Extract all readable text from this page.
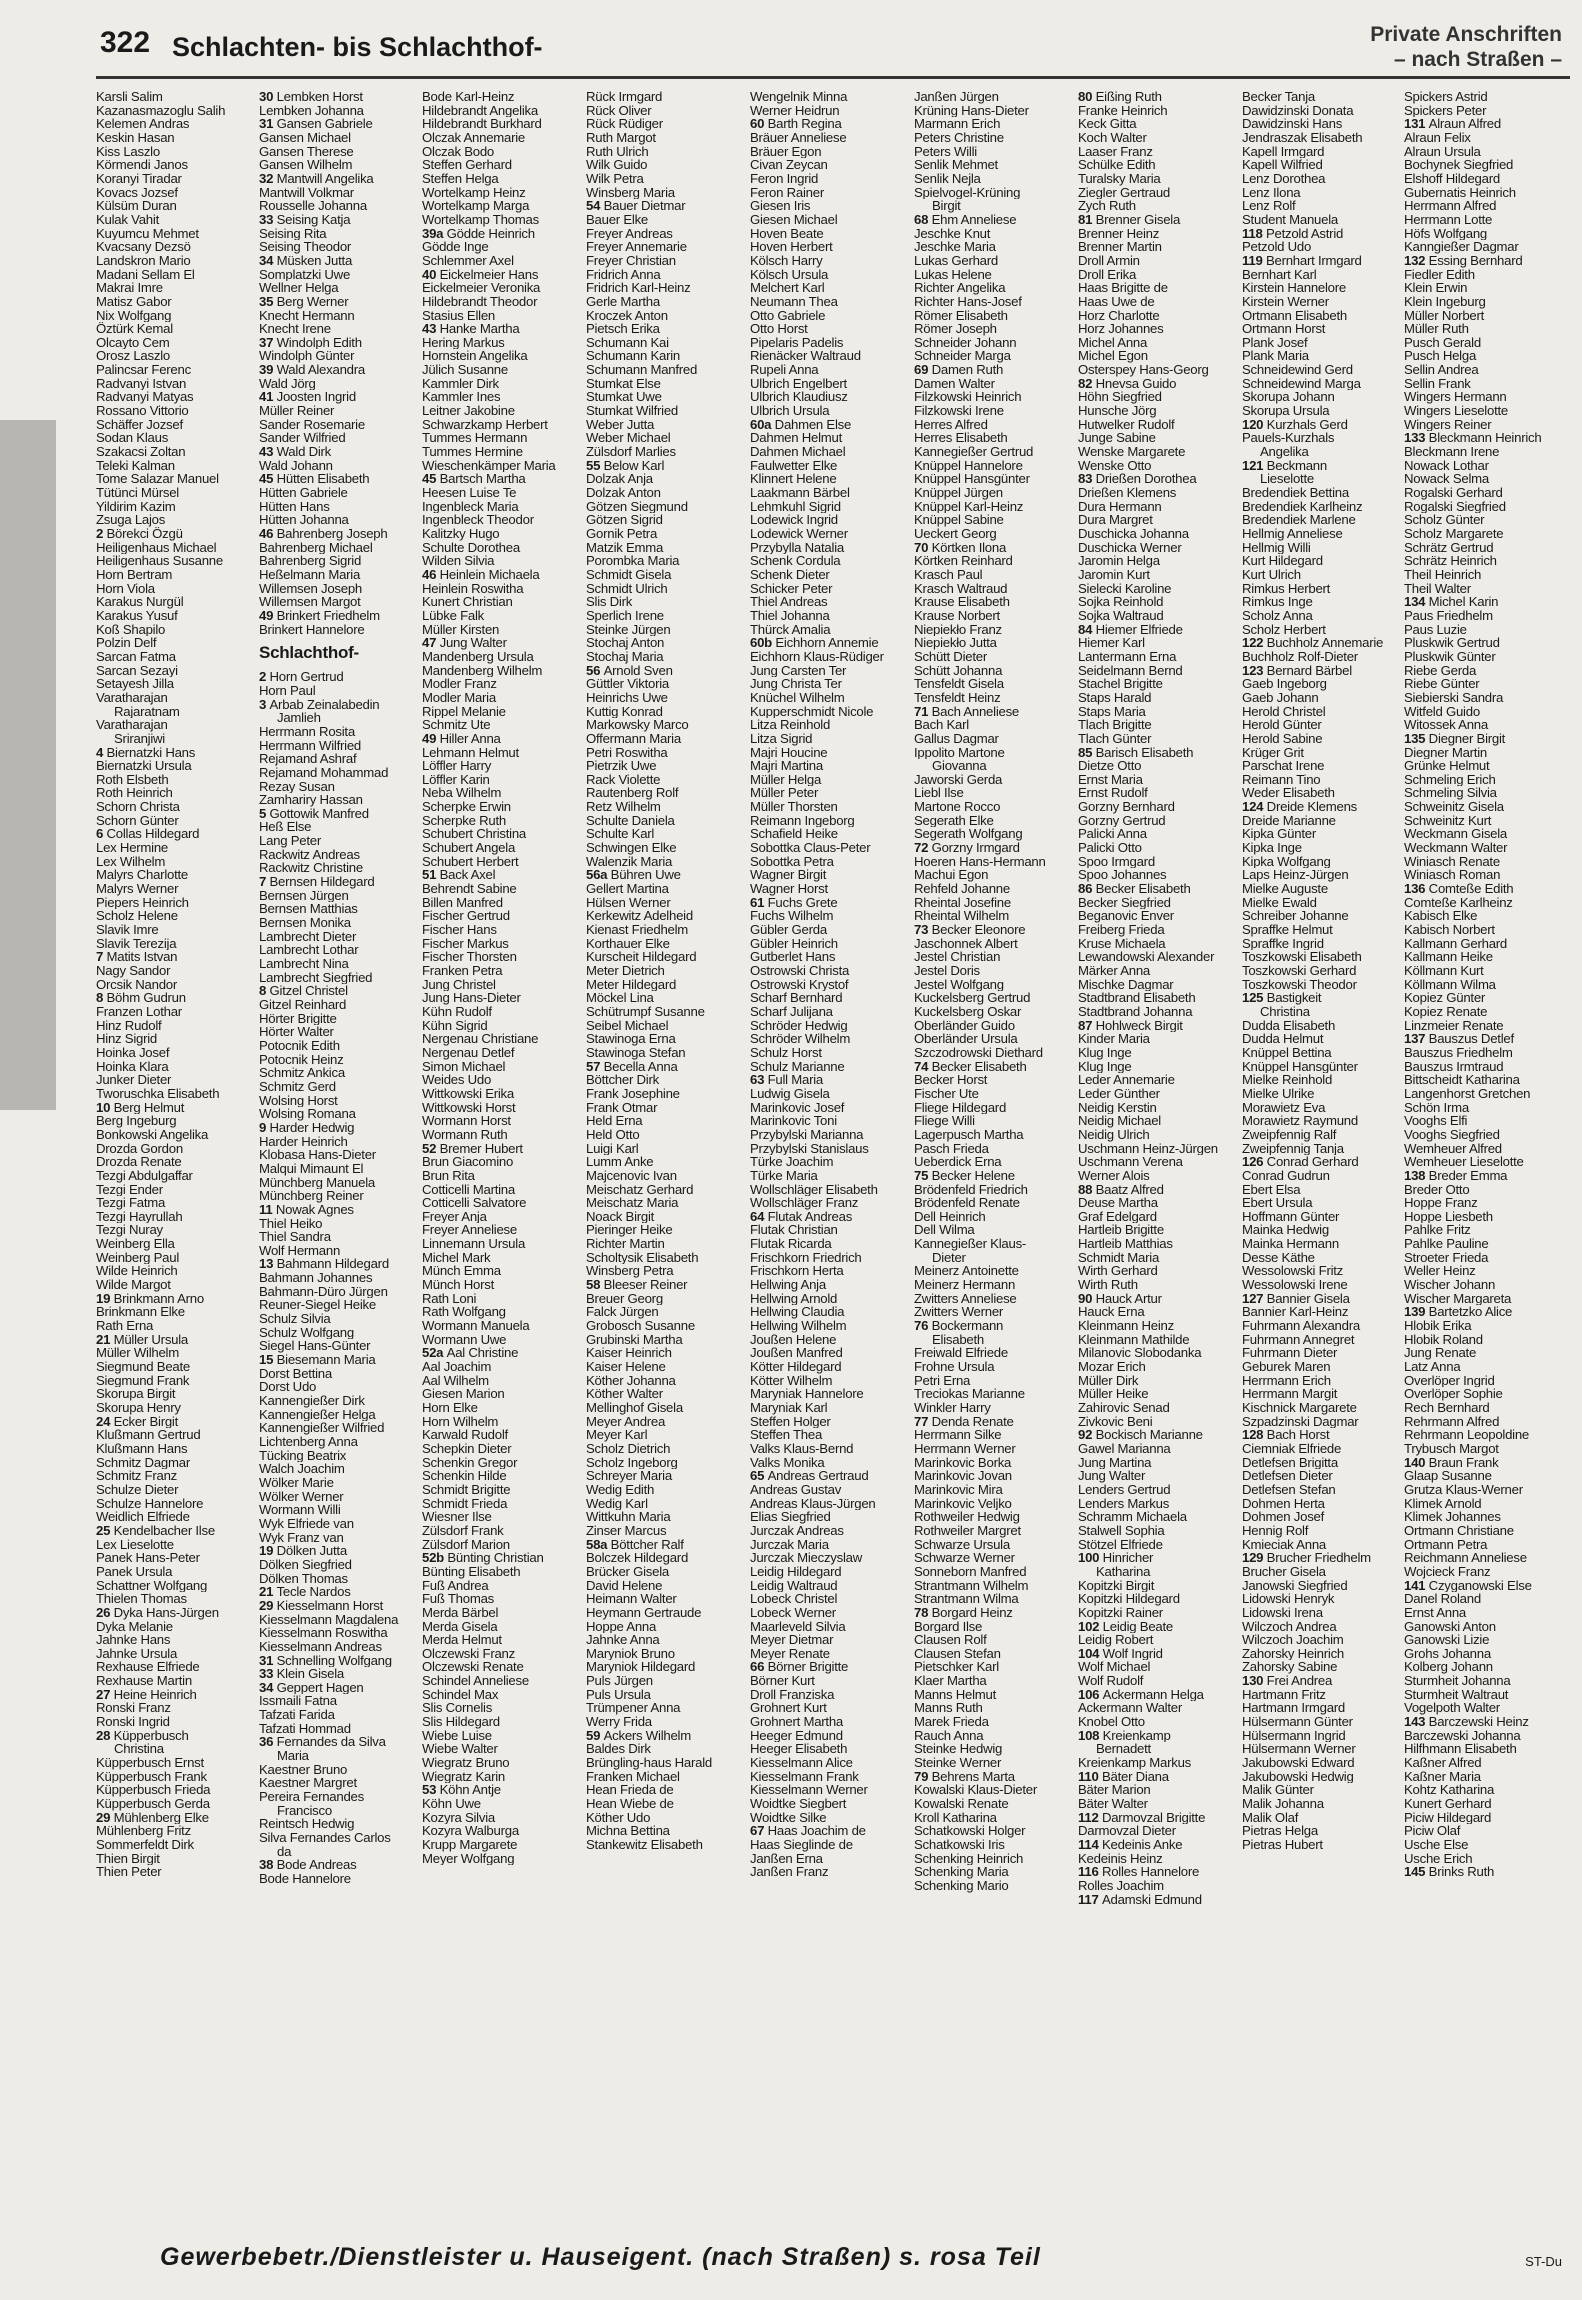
322 Schlachten- bis Schlachthof-	Private Anschriften
– nach Straßen –
Karsli Salim
Kazanasmazoglu Salih
Kelemen Andras
Keskin Hasan
Kiss Laszlo
Körmendi Janos
Koranyi Tiradar
Kovacs Jozsef
Külsüm Duran
Kulak Vahit
Kuyumcu Mehmet
Kvacsany Dezsö
Landskron Mario
Madani Sellam El
Makrai Imre
Matisz Gabor
Nix Wolfgang
Öztürk Kemal
Olcayto Cem
Orosz Laszlo
Palincsar Ferenc
Radvanyi Istvan
Radvanyi Matyas
Rossano Vittorio
Schäffer Jozsef
Sodan Klaus
Szakacsi Zoltan
Teleki Kalman
Tome Salazar Manuel
Tütünci Mürsel
Yildirim Kazim
Zsuga Lajos
2 Börekci Özgü
Heiligenhaus Michael
Heiligenhaus Susanne
Horn Bertram
Horn Viola
Karakus Nurgül
Karakus Yusuf
Koß Shapilo
Polzin Delf
Sarcan Fatma
Sarcan Sezayi
Setayesh Jilla
Varatharajan
Rajaratnam
Varatharajan
Sriranjiwi
4 Biernatzki Hans
Biernatzki Ursula
Roth Elsbeth
Roth Heinrich
Schorn Christa
Schorn Günter
6 Collas Hildegard
Lex Hermine
Lex Wilhelm
Malyrs Charlotte
Malyrs Werner
Piepers Heinrich
Scholz Helene
Slavik Imre
Slavik Terezija
7 Matits Istvan
Nagy Sandor
Orcsik Nandor
8 Böhm Gudrun
Franzen Lothar
Hinz Rudolf
Hinz Sigrid
Hoinka Josef
Hoinka Klara
Junker Dieter
Tworuschka Elisabeth
10 Berg Helmut
Berg Ingeburg
Bonkowski Angelika
Drozda Gordon
Drozda Renate
Tezgi Abdulgaffar
Tezgi Ender
Tezgi Fatma
Tezgi Hayrullah
Tezgi Nuray
Weinberg Ella
Weinberg Paul
Wilde Heinrich
Wilde Margot
19 Brinkmann Arno
Brinkmann Elke
Rath Erna
21 Müller Ursula
Müller Wilhelm
Siegmund Beate
Siegmund Frank
Skorupa Birgit
Skorupa Henry
24 Ecker Birgit
Klußmann Gertrud
Klußmann Hans
Schmitz Dagmar
Schmitz Franz
Schulze Dieter
Schulze Hannelore
Weidlich Elfriede
25 Kendelbacher Ilse
Lex Lieselotte
Panek Hans-Peter
Panek Ursula
Schattner Wolfgang
Thielen Thomas
26 Dyka Hans-Jürgen
Dyka Melanie
Jahnke Hans
Jahnke Ursula
Rexhause Elfriede
Rexhause Martin
27 Heine Heinrich
Ronski Franz
Ronski Ingrid
28 Küpperbusch
Christina
Küpperbusch Ernst
Küpperbusch Frank
Küpperbusch Frieda
Küpperbusch Gerda
29 Mühlenberg Elke
Mühlenberg Fritz
Sommerfeldt Dirk
Thien Birgit
Thien Peter
30 Lembken Horst
Lembken Johanna
31 Gansen Gabriele
Gansen Michael
Gansen Therese
Gansen Wilhelm
32 Mantwill Angelika
Mantwill Volkmar
Rousselle Johanna
33 Seising Katja
Seising Rita
Seising Theodor
34 Müsken Jutta
Somplatzki Uwe
Wellner Helga
35 Berg Werner
Knecht Hermann
Knecht Irene
37 Windolph Edith
Windolph Günter
39 Wald Alexandra
Wald Jörg
41 Joosten Ingrid
Müller Reiner
Sander Rosemarie
Sander Wilfried
43 Wald Dirk
Wald Johann
45 Hütten Elisabeth
Hütten Gabriele
Hütten Hans
Hütten Johanna
46 Bahrenberg Joseph
Bahrenberg Michael
Bahrenberg Sigrid
Heßelmann Maria
Willemsen Joseph
Willemsen Margot
49 Brinkert Friedhelm
Brinkert Hannelore
Schlachthof-
2 Horn Gertrud
Horn Paul
3 Arbab Zeinalabedin
Jamlieh
Herrmann Rosita
Herrmann Wilfried
Rejamand Ashraf
Rejamand Mohammad
Rezay Susan
Zamhariry Hassan
5 Gottowik Manfred
Heß Else
Lang Peter
Rackwitz Andreas
Rackwitz Christine
7 Bernsen Hildegard
Bernsen Jürgen
Bernsen Matthias
Bernsen Monika
Lambrecht Dieter
Lambrecht Lothar
Lambrecht Nina
Lambrecht Siegfried
8 Gitzel Christel
Gitzel Reinhard
Hörter Brigitte
Hörter Walter
Potocnik Edith
Potocnik Heinz
Schmitz Ankica
Schmitz Gerd
Wolsing Horst
Wolsing Romana
9 Harder Hedwig
Harder Heinrich
Klobasa Hans-Dieter
Malqui Mimaunt El
Münchberg Manuela
Münchberg Reiner
11 Nowak Agnes
Thiel Heiko
Thiel Sandra
Wolf Hermann
13 Bahmann Hildegard
Bahmann Johannes
Bahmann-Düro Jürgen
Reuner-Siegel Heike
Schulz Silvia
Schulz Wolfgang
Siegel Hans-Günter
15 Biesemann Maria
Dorst Bettina
Dorst Udo
Kannengießer Dirk
Kannengießer Helga
Kannengießer Wilfried
Lichtenberg Anna
Tücking Beatrix
Walch Joachim
Wölker Marie
Wölker Werner
Wormann Willi
Wyk Elfriede van
Wyk Franz van
19 Dölken Jutta
Dölken Siegfried
Dölken Thomas
21 Tecle Nardos
29 Kiesselmann Horst
Kiesselmann Magdalena
Kiesselmann Roswitha
Kiesselmann Andreas
31 Schnelling Wolfgang
33 Klein Gisela
34 Geppert Hagen
Issmaili Fatna
Tafzati Farida
Tafzati Hommad
36 Fernandes da Silva
Maria
Kaestner Bruno
Kaestner Margret
Pereira Fernandes
Francisco
Reintsch Hedwig
Silva Fernandes Carlos
da
38 Bode Andreas
Bode Hannelore
Bode Karl-Heinz
Hildebrandt Angelika
Hildebrandt Burkhard
Olczak Annemarie
Olczak Bodo
Steffen Gerhard
Steffen Helga
Wortelkamp Heinz
Wortelkamp Marga
Wortelkamp Thomas
39a Gödde Heinrich
Gödde Inge
Schlemmer Axel
40 Eickelmeier Hans
Eickelmeier Veronika
Hildebrandt Theodor
Stasius Ellen
43 Hanke Martha
Hering Markus
Hornstein Angelika
Jülich Susanne
Kammler Dirk
Kammler Ines
Leitner Jakobine
Schwarzkamp Herbert
Tummes Hermann
Tummes Hermine
Wieschenkämper Maria
45 Bartsch Martha
Heesen Luise Te
Ingenbleck Maria
Ingenbleck Theodor
Kalitzky Hugo
Schulte Dorothea
Wilden Silvia
46 Heinlein Michaela
Heinlein Roswitha
Kunert Christian
Lübke Falk
Müller Kirsten
47 Jung Walter
Mandenberg Ursula
Mandenberg Wilhelm
Modler Franz
Modler Maria
Rippel Melanie
Schmitz Ute
49 Hiller Anna
Lehmann Helmut
Löffler Harry
Löffler Karin
Neba Wilhelm
Scherpke Erwin
Scherpke Ruth
Schubert Christina
Schubert Angela
Schubert Herbert
51 Back Axel
Behrendt Sabine
Billen Manfred
Fischer Gertrud
Fischer Hans
Fischer Markus
Fischer Thorsten
Franken Petra
Jung Christel
Jung Hans-Dieter
Kühn Rudolf
Kühn Sigrid
Nergenau Christiane
Nergenau Detlef
Simon Michael
Weides Udo
Wittkowski Erika
Wittkowski Horst
Wormann Horst
Wormann Ruth
52 Bremer Hubert
Brun Giacomino
Brun Rita
Cotticelli Martina
Cotticelli Salvatore
Freyer Anja
Freyer Anneliese
Linnemann Ursula
Michel Mark
Münch Emma
Münch Horst
Rath Loni
Rath Wolfgang
Wormann Manuela
Wormann Uwe
52a Aal Christine
Aal Joachim
Aal Wilhelm
Giesen Marion
Horn Elke
Horn Wilhelm
Karwald Rudolf
Schepkin Dieter
Schenkin Gregor
Schenkin Hilde
Schmidt Brigitte
Schmidt Frieda
Wiesner Ilse
Zülsdorf Frank
Zülsdorf Marion
52b Bünting Christian
Bünting Elisabeth
Fuß Andrea
Fuß Thomas
Merda Bärbel
Merda Gisela
Merda Helmut
Olczewski Franz
Olczewski Renate
Schindel Anneliese
Schindel Max
Slis Cornelis
Slis Hildegard
Wiebe Luise
Wiebe Walter
Wiegratz Bruno
Wiegratz Karin
53 Köhn Antje
Köhn Uwe
Kozyra Silvia
Kozyra Walburga
Krupp Margarete
Meyer Wolfgang
Rück Irmgard
Rück Oliver
Rück Rüdiger
Ruth Margot
Ruth Ulrich
Wilk Guido
Wilk Petra
Winsberg Maria
54 Bauer Dietmar
Bauer Elke
Freyer Andreas
Freyer Annemarie
Freyer Christian
Fridrich Anna
Fridrich Karl-Heinz
Gerle Martha
Kroczek Anton
Pietsch Erika
Schumann Kai
Schumann Karin
Schumann Manfred
Stumkat Else
Stumkat Uwe
Stumkat Wilfried
Weber Jutta
Weber Michael
Zülsdorf Marlies
55 Below Karl
Dolzak Anja
Dolzak Anton
Götzen Siegmund
Götzen Sigrid
Gornik Petra
Matzik Emma
Porombka Maria
Schmidt Gisela
Schmidt Ulrich
Slis Dirk
Sperlich Irene
Steinke Jürgen
Stochaj Anton
Stochaj Maria
56 Arnold Sven
Güttler Viktoria
Heinrichs Uwe
Kuttig Konrad
Markowsky Marco
Offermann Maria
Petri Roswitha
Pietrzik Uwe
Rack Violette
Rautenberg Rolf
Retz Wilhelm
Schulte Daniela
Schulte Karl
Schwingen Elke
Walenzik Maria
56a Bühren Uwe
Gellert Martina
Hülsen Werner
Kerkewitz Adelheid
Kienast Friedhelm
Korthauer Elke
Kurscheit Hildegard
Meter Dietrich
Meter Hildegard
Möckel Lina
Schütrumpf Susanne
Seibel Michael
Stawinoga Erna
Stawinoga Stefan
57 Becella Anna
Böttcher Dirk
Frank Josephine
Frank Otmar
Held Erna
Held Otto
Luigi Karl
Lumm Anke
Majcenovic Ivan
Meischatz Gerhard
Meischatz Maria
Noack Birgit
Pieringer Heike
Richter Martin
Scholtysik Elisabeth
Winsberg Petra
58 Bleeser Reiner
Breuer Georg
Falck Jürgen
Grobosch Susanne
Grubinski Martha
Kaiser Heinrich
Kaiser Helene
Köther Johanna
Köther Walter
Mellinghof Gisela
Meyer Andrea
Meyer Karl
Scholz Dietrich
Scholz Ingeborg
Schreyer Maria
Wedig Edith
Wedig Karl
Wittkuhn Maria
Zinser Marcus
58a Böttcher Ralf
Bolczek Hildegard
Brücker Gisela
David Helene
Heimann Walter
Heymann Gertraude
Hoppe Anna
Jahnke Anna
Maryniok Bruno
Maryniok Hildegard
Puls Jürgen
Puls Ursula
Trümpener Anna
Werry Frida
59 Ackers Wilhelm
Baldes Dirk
Brüngling-haus Harald
Franken Michael
Hean Frieda de
Hean Wiebe de
Köther Udo
Michna Bettina
Stankewitz Elisabeth
Wengelnik Minna
Werner Heidrun
60 Barth Regina
Bräuer Anneliese
Bräuer Egon
Civan Zeycan
Feron Ingrid
Feron Rainer
Giesen Iris
Giesen Michael
Hoven Beate
Hoven Herbert
Kölsch Harry
Kölsch Ursula
Melchert Karl
Neumann Thea
Otto Gabriele
Otto Horst
Pipelaris Padelis
Rienäcker Waltraud
Rupeli Anna
Ulbrich Engelbert
Ulbrich Klaudiusz
Ulbrich Ursula
60a Dahmen Else
Dahmen Helmut
Dahmen Michael
Faulwetter Elke
Klinnert Helene
Laakmann Bärbel
Lehmkuhl Sigrid
Lodewick Ingrid
Lodewick Werner
Przybylla Natalia
Schenk Cordula
Schenk Dieter
Schicker Peter
Thiel Andreas
Thiel Johanna
Thürck Amalia
60b Eichhorn Annemie
Eichhorn Klaus-Rüdiger
Jung Carsten Ter
Jung Christa Ter
Knüchel Wilhelm
Kupperschmidt Nicole
Litza Reinhold
Litza Sigrid
Majri Houcine
Majri Martina
Müller Helga
Müller Peter
Müller Thorsten
Reimann Ingeborg
Schafield Heike
Sobottka Claus-Peter
Sobottka Petra
Wagner Birgit
Wagner Horst
61 Fuchs Grete
Fuchs Wilhelm
Gübler Gerda
Gübler Heinrich
Gutberlet Hans
Ostrowski Christa
Ostrowski Krystof
Scharf Bernhard
Scharf Julijana
Schröder Hedwig
Schröder Wilhelm
Schulz Horst
Schulz Marianne
63 Full Maria
Ludwig Gisela
Marinkovic Josef
Marinkovic Toni
Przybylski Marianna
Przybylski Stanislaus
Türke Joachim
Türke Maria
Wollschläger Elisabeth
Wollschläger Franz
64 Flutak Andreas
Flutak Christian
Flutak Ricarda
Frischkorn Friedrich
Frischkorn Herta
Hellwing Anja
Hellwing Arnold
Hellwing Claudia
Hellwing Wilhelm
Joußen Helene
Joußen Manfred
Kötter Hildegard
Kötter Wilhelm
Maryniak Hannelore
Maryniak Karl
Steffen Holger
Steffen Thea
Valks Klaus-Bernd
Valks Monika
65 Andreas Gertraud
Andreas Gustav
Andreas Klaus-Jürgen
Elias Siegfried
Jurczak Andreas
Jurczak Maria
Jurczak Mieczyslaw
Leidig Hildegard
Leidig Waltraud
Lobeck Christel
Lobeck Werner
Maarleveld Silvia
Meyer Dietmar
Meyer Renate
66 Börner Brigitte
Börner Kurt
Droll Franziska
Grohnert Kurt
Grohnert Martha
Heeger Edmund
Heeger Elisabeth
Kiesselmann Alice
Kiesselmann Frank
Kiesselmann Werner
Woidtke Siegbert
Woidtke Silke
67 Haas Joachim de
Haas Sieglinde de
Janßen Erna
Janßen Franz
Janßen Jürgen
Krüning Hans-Dieter
Marmann Erich
Peters Christine
Peters Willi
Senlik Mehmet
Senlik Nejla
Spielvogel-Krüning
Birgit
68 Ehm Anneliese
Jeschke Knut
Jeschke Maria
Lukas Gerhard
Lukas Helene
Richter Angelika
Richter Hans-Josef
Römer Elisabeth
Römer Joseph
Schneider Johann
Schneider Marga
69 Damen Ruth
Damen Walter
Filzkowski Heinrich
Filzkowski Irene
Herres Alfred
Herres Elisabeth
Kannegießer Gertrud
Knüppel Hannelore
Knüppel Hansgünter
Knüppel Jürgen
Knüppel Karl-Heinz
Knüppel Sabine
Ueckert Georg
70 Körtken Ilona
Körtken Reinhard
Krasch Paul
Krasch Waltraud
Krause Elisabeth
Krause Norbert
Niepiekło Franz
Niepiekło Jutta
Schütt Dieter
Schütt Johanna
Tensfeldt Gisela
Tensfeldt Heinz
71 Bach Anneliese
Bach Karl
Gallus Dagmar
Ippolito Martone
Giovanna
Jaworski Gerda
Liebl Ilse
Martone Rocco
Segerath Elke
Segerath Wolfgang
72 Gorzny Irmgard
Hoeren Hans-Hermann
Machui Egon
Rehfeld Johanne
Rheintal Josefine
Rheintal Wilhelm
73 Becker Eleonore
Jaschonnek Albert
Jestel Christian
Jestel Doris
Jestel Wolfgang
Kuckelsberg Gertrud
Kuckelsberg Oskar
Oberländer Guido
Oberländer Ursula
Szczodrowski Diethard
74 Becker Elisabeth
Becker Horst
Fischer Ute
Fliege Hildegard
Fliege Willi
Lagerpusch Martha
Pasch Frieda
Ueberdick Erna
75 Becker Helene
Brödenfeld Friedrich
Brödenfeld Renate
Dell Heinrich
Dell Wilma
Kannegießer Klaus-
Dieter
Meinerz Antoinette
Meinerz Hermann
Zwitters Anneliese
Zwitters Werner
76 Bockermann
Elisabeth
Freiwald Elfriede
Frohne Ursula
Petri Erna
Treciokas Marianne
Winkler Harry
77 Denda Renate
Herrmann Silke
Herrmann Werner
Marinkovic Borka
Marinkovic Jovan
Marinkovic Mira
Marinkovic Veljko
Rothweiler Hedwig
Rothweiler Margret
Schwarze Ursula
Schwarze Werner
Sonneborn Manfred
Strantmann Wilhelm
Strantmann Wilma
78 Borgard Heinz
Borgard Ilse
Clausen Rolf
Clausen Stefan
Pietschker Karl
Klaer Martha
Manns Helmut
Manns Ruth
Marek Frieda
Rauch Anna
Steinke Hedwig
Steinke Werner
79 Behrens Marta
Kowalski Klaus-Dieter
Kowalski Renate
Kroll Katharina
Schatkowski Holger
Schatkowski Iris
Schenking Heinrich
Schenking Maria
Schenking Mario
80 Eißing Ruth
Franke Heinrich
Keck Gitta
Koch Walter
Laaser Franz
Schülke Edith
Turalsky Maria
Ziegler Gertraud
Zych Ruth
81 Brenner Gisela
Brenner Heinz
Brenner Martin
Droll Armin
Droll Erika
Haas Brigitte de
Haas Uwe de
Horz Charlotte
Horz Johannes
Michel Anna
Michel Egon
Osterspey Hans-Georg
82 Hnevsa Guido
Höhn Siegfried
Hunsche Jörg
Hutwelker Rudolf
Junge Sabine
Wenske Margarete
Wenske Otto
83 Drießen Dorothea
Drießen Klemens
Dura Hermann
Dura Margret
Duschicka Johanna
Duschicka Werner
Jaromin Helga
Jaromin Kurt
Sielecki Karoline
Sojka Reinhold
Sojka Waltraud
84 Hiemer Elfriede
Hiemer Karl
Lantermann Erna
Seidelmann Bernd
Stachel Brigitte
Staps Harald
Staps Maria
Tlach Brigitte
Tlach Günter
85 Barisch Elisabeth
Dietze Otto
Ernst Maria
Ernst Rudolf
Gorzny Bernhard
Gorzny Gertrud
Palicki Anna
Palicki Otto
Spoo Irmgard
Spoo Johannes
86 Becker Elisabeth
Becker Siegfried
Beganovic Enver
Freiberg Frieda
Kruse Michaela
Lewandowski Alexander
Märker Anna
Mischke Dagmar
Stadtbrand Elisabeth
Stadtbrand Johanna
87 Hohlweck Birgit
Kinder Maria
Klug Inge
Klug Inge
Leder Annemarie
Leder Günther
Neidig Kerstin
Neidig Michael
Neidig Ulrich
Uschmann Heinz-Jürgen
Uschmann Verena
Werner Alois
88 Baatz Alfred
Deuse Martha
Graf Edelgard
Hartleib Brigitte
Hartleib Matthias
Schmidt Maria
Wirth Gerhard
Wirth Ruth
90 Hauck Artur
Hauck Erna
Kleinmann Heinz
Kleinmann Mathilde
Milanovic Slobodanka
Mozar Erich
Müller Dirk
Müller Heike
Zahirovic Senad
Zivkovic Beni
92 Bockisch Marianne
Gawel Marianna
Jung Martina
Jung Walter
Lenders Gertrud
Lenders Markus
Schramm Michaela
Stalwell Sophia
Stötzel Elfriede
100 Hinricher
Katharina
Kopitzki Birgit
Kopitzki Hildegard
Kopitzki Rainer
102 Leidig Beate
Leidig Robert
104 Wolf Ingrid
Wolf Michael
Wolf Rudolf
106 Ackermann Helga
Ackermann Walter
Knobel Otto
108 Kreienkamp
Bernadett
Kreienkamp Markus
110 Bäter Diana
Bäter Marion
Bäter Walter
112 Darmovzal Brigitte
Darmovzal Dieter
114 Kedeinis Anke
Kedeinis Heinz
116 Rolles Hannelore
Rolles Joachim
117 Adamski Edmund
Becker Tanja
Dawidzinski Donata
Dawidzinski Hans
Jendraszak Elisabeth
Kapell Irmgard
Kapell Wilfried
Lenz Dorothea
Lenz Ilona
Lenz Rolf
Student Manuela
118 Petzold Astrid
Petzold Udo
119 Bernhart Irmgard
Bernhart Karl
Kirstein Hannelore
Kirstein Werner
Ortmann Elisabeth
Ortmann Horst
Plank Josef
Plank Maria
Schneidewind Gerd
Schneidewind Marga
Skorupa Johann
Skorupa Ursula
120 Kurzhals Gerd
Pauels-Kurzhals
Angelika
121 Beckmann
Lieselotte
Bredendiek Bettina
Bredendiek Karlheinz
Bredendiek Marlene
Hellmig Anneliese
Hellmig Willi
Kurt Hildegard
Kurt Ulrich
Rimkus Herbert
Rimkus Inge
Scholz Anna
Scholz Herbert
122 Buchholz Annemarie
Buchholz Rolf-Dieter
123 Bernard Bärbel
Gaeb Ingeborg
Gaeb Johann
Herold Christel
Herold Günter
Herold Sabine
Krüger Grit
Parschat Irene
Reimann Tino
Weder Elisabeth
124 Dreide Klemens
Dreide Marianne
Kipka Günter
Kipka Inge
Kipka Wolfgang
Laps Heinz-Jürgen
Mielke Auguste
Mielke Ewald
Schreiber Johanne
Spraffke Helmut
Spraffke Ingrid
Toszkowski Elisabeth
Toszkowski Gerhard
Toszkowski Theodor
125 Bastigkeit
Christina
Dudda Elisabeth
Dudda Helmut
Knüppel Bettina
Knüppel Hansgünter
Mielke Reinhold
Mielke Ulrike
Morawietz Eva
Morawietz Raymund
Zweipfennig Ralf
Zweipfennig Tanja
126 Conrad Gerhard
Conrad Gudrun
Ebert Elsa
Ebert Ursula
Hoffmann Günter
Mainka Hedwig
Mainka Hermann
Desse Käthe
Wessolowski Fritz
Wessolowski Irene
127 Bannier Gisela
Bannier Karl-Heinz
Fuhrmann Alexandra
Fuhrmann Annegret
Fuhrmann Dieter
Geburek Maren
Herrmann Erich
Herrmann Margit
Kischnick Margarete
Szpadzinski Dagmar
128 Bach Horst
Ciemniak Elfriede
Detlefsen Brigitta
Detlefsen Dieter
Detlefsen Stefan
Dohmen Herta
Dohmen Josef
Hennig Rolf
Kmieciak Anna
129 Brucher Friedhelm
Brucher Gisela
Janowski Siegfried
Lidowski Henryk
Lidowski Irena
Wilczoch Andrea
Wilczoch Joachim
Zahorsky Heinrich
Zahorsky Sabine
130 Frei Andrea
Hartmann Fritz
Hartmann Irmgard
Hülsermann Günter
Hülsermann Ingrid
Hülsermann Werner
Jakubowski Edward
Jakubowski Hedwig
Malik Günter
Malik Johanna
Malik Olaf
Pietras Helga
Pietras Hubert
Spickers Astrid
Spickers Peter
131 Alraun Alfred
Alraun Felix
Alraun Ursula
Bochynek Siegfried
Elshoff Hildegard
Gubernatis Heinrich
Herrmann Alfred
Herrmann Lotte
Höfs Wolfgang
Kanngießer Dagmar
132 Essing Bernhard
Fiedler Edith
Klein Erwin
Klein Ingeburg
Müller Norbert
Müller Ruth
Pusch Gerald
Pusch Helga
Sellin Andrea
Sellin Frank
Wingers Hermann
Wingers Lieselotte
Wingers Reiner
133 Bleckmann Heinrich
Bleckmann Irene
Nowack Lothar
Nowack Selma
Rogalski Gerhard
Rogalski Siegfried
Scholz Günter
Scholz Margarete
Schrätz Gertrud
Schrätz Heinrich
Theil Heinrich
Theil Walter
134 Michel Karin
Paus Friedhelm
Paus Luzie
Pluskwik Gertrud
Pluskwik Günter
Riebe Gerda
Riebe Günter
Siebierski Sandra
Witfeld Guido
Witossek Anna
135 Diegner Birgit
Diegner Martin
Grünke Helmut
Schmeling Erich
Schmeling Silvia
Schweinitz Gisela
Schweinitz Kurt
Weckmann Gisela
Weckmann Walter
Winiasch Renate
Winiasch Roman
136 Comteße Edith
Comteße Karlheinz
Kabisch Elke
Kabisch Norbert
Kallmann Gerhard
Kallmann Heike
Köllmann Kurt
Köllmann Wilma
Kopiez Günter
Kopiez Renate
Linzmeier Renate
137 Bauszus Detlef
Bauszus Friedhelm
Bauszus Irmtraud
Bittscheidt Katharina
Langenhorst Gretchen
Schön Irma
Vooghs Elfi
Vooghs Siegfried
Wemheuer Alfred
Wemheuer Lieselotte
138 Breder Emma
Breder Otto
Hoppe Franz
Hoppe Liesbeth
Pahlke Fritz
Pahlke Pauline
Stroeter Frieda
Weller Heinz
Wischer Johann
Wischer Margareta
139 Bartetzko Alice
Hlobik Erika
Hlobik Roland
Jung Renate
Latz Anna
Overlöper Ingrid
Overlöper Sophie
Rech Bernhard
Rehrmann Alfred
Rehrmann Leopoldine
Trybusch Margot
140 Braun Frank
Glaap Susanne
Grutza Klaus-Werner
Klimek Arnold
Klimek Johannes
Ortmann Christiane
Ortmann Petra
Reichmann Anneliese
Wojcieck Franz
141 Czyganowski Else
Danel Roland
Ernst Anna
Ganowski Anton
Ganowski Lizie
Grohs Johanna
Kolberg Johann
Sturmheit Johanna
Sturmheit Waltraut
Vogelpoth Walter
143 Barczewski Heinz
Barczewski Johanna
Hilfhmann Elisabeth
Kaßner Alfred
Kaßner Maria
Kohtz Katharina
Kunert Gerhard
Piciw Hildegard
Piciw Olaf
Usche Else
Usche Erich
145 Brinks Ruth
Gewerbebetr./Dienstleister u. Hauseigent. (nach Straßen) s. rosa Teil	ST-Du
